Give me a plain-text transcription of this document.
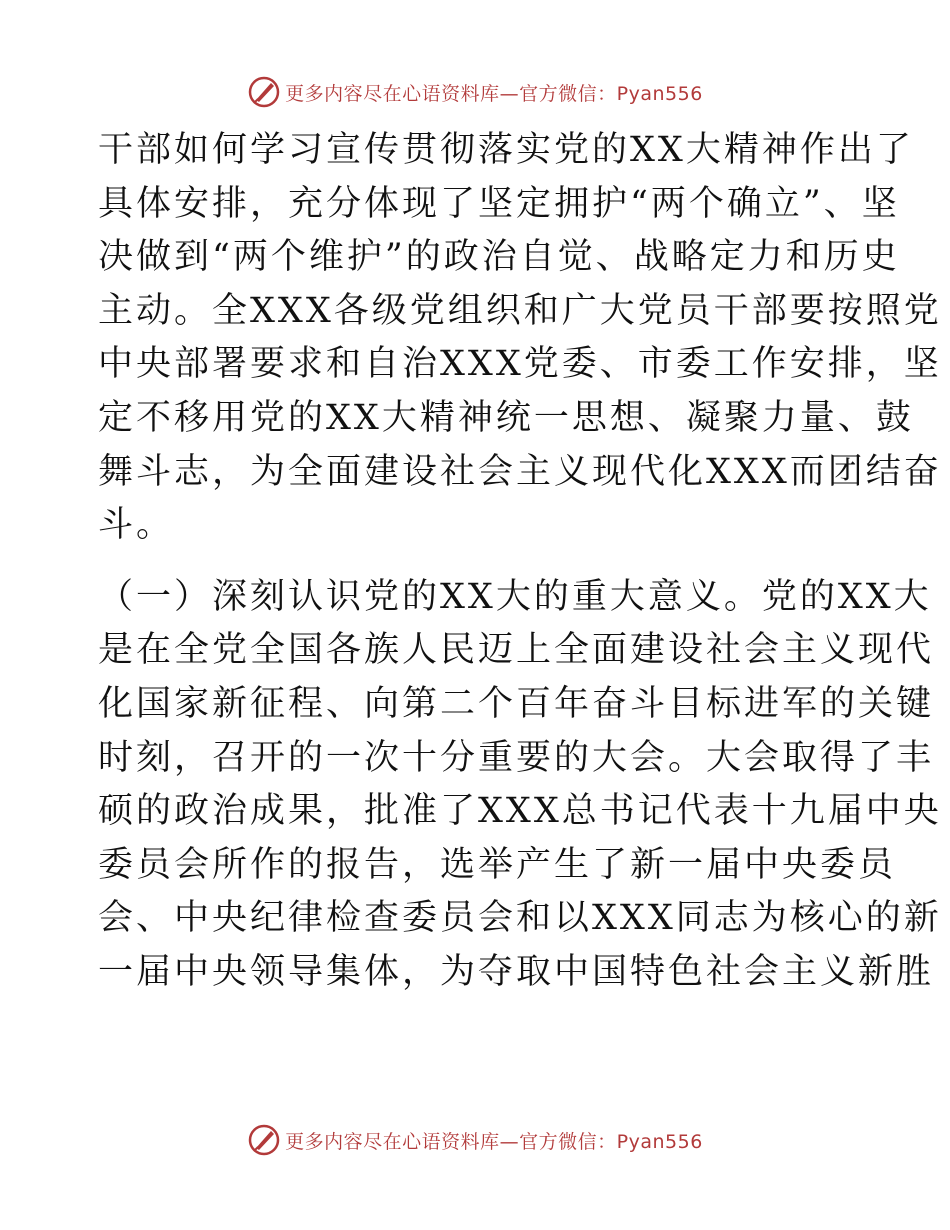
更多内容尽在心语资料库—官方微信：Pyan556
干部如何学习宣传贯彻落实党的XX大精神作出了
具体安排，充分体现了坚定拥护“两个确立”、坚
决做到“两个维护”的政治自觉、战略定力和历史
主动。全XXX各级党组织和广大党员干部要按照党
中央部署要求和自治XXX党委、市委工作安排，坚
定不移用党的XX大精神统一思想、凝聚力量、鼓
舞斗志，为全面建设社会主义现代化XXX而团结奋
斗。
（一）深刻认识党的XX大的重大意义。党的XX大
是在全党全国各族人民迈上全面建设社会主义现代
化国家新征程、向第二个百年奋斗目标进军的关键
时刻，召开的一次十分重要的大会。大会取得了丰
硕的政治成果，批准了XXX总书记代表十九届中央
委员会所作的报告，选举产生了新一届中央委员
会、中央纪律检查委员会和以XXX同志为核心的新
一届中央领导集体，为夺取中国特色社会主义新胜
更多内容尽在心语资料库—官方微信：Pyan556
